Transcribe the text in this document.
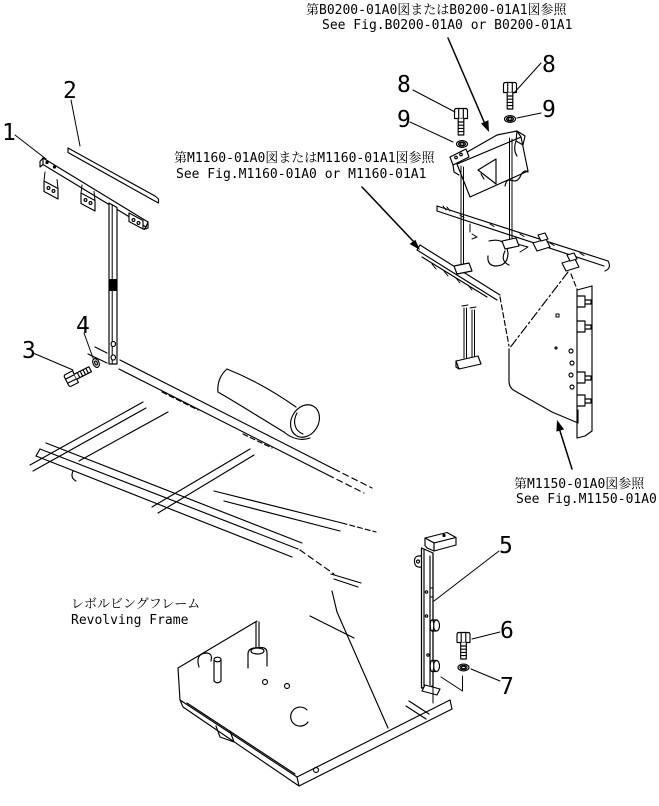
1
2
3
4
5
6
7
8
9
8
9
第B0200-01A0図またはB0200-01A1図参照
See Fig.B0200-01A0 or B0200-01A1
第M1160-01A0図またはM1160-01A1図参照
See Fig.M1160-01A0 or M1160-01A1
第M1150-01A0図参照
See Fig.M1150-01A0
レボルビングフレーム
Revolving Frame
